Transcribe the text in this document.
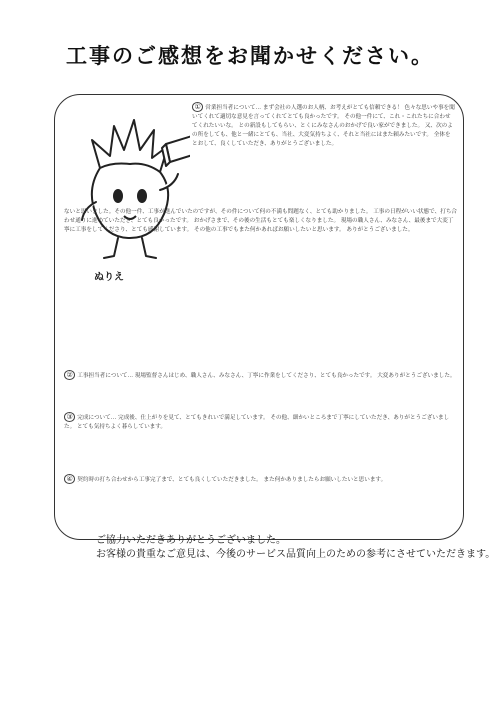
工事のご感想をお聞かせください。
ぬりえ

① 営業担当者について… まず会社の人選のお人柄、お考えがとても信頼できる！ 色々な思いや事を聞いてくれて適切な意見を言ってくれてとても良かったです。 その他一件にて、これ・これたちに合わせてくれたいいな。 との新設もしてもらい、とくにみなさんのおかげで良い家ができました。 又、次のよの所をしても、他と一緒にとても、当社、大変気持ちよく、それと当社にはまた頼みたいです。 全体をとおして、良くしていただき、ありがとうございました。

ないと思いました。その他一件、工事が進んでいたのですが、その件について何の不満も問題なく、とても助かりました。 工事の日程がいい状態で、打ち合わせ通りに進めていただき、とても良かったです。 おかげさまで、その後の生活もとても楽しくなりました。 現場の職人さん、みなさん、最後まで大変丁寧に工事をしてくださり、とても感謝しています。 その他の工事でもまた何かあればお願いしたいと思います。 ありがとうございました。

② 工事担当者について… 現場監督さんはじめ、職人さん、みなさん、丁寧に作業をしてくださり、とても良かったです。 大変ありがとうございました。

③ 完成について… 完成後、仕上がりを見て、とてもきれいで満足しています。 その他、細かいところまで丁寧にしていただき、ありがとうございました。 とても気持ちよく暮らしています。

④ 契約時の打ち合わせから工事完了まで、とても良くしていただきました。 また何かありましたらお願いしたいと思います。

ご協力いただきありがとうございました。
お客様の貴重なご意見は、今後のサービス品質向上のための参考にさせていただきます。
